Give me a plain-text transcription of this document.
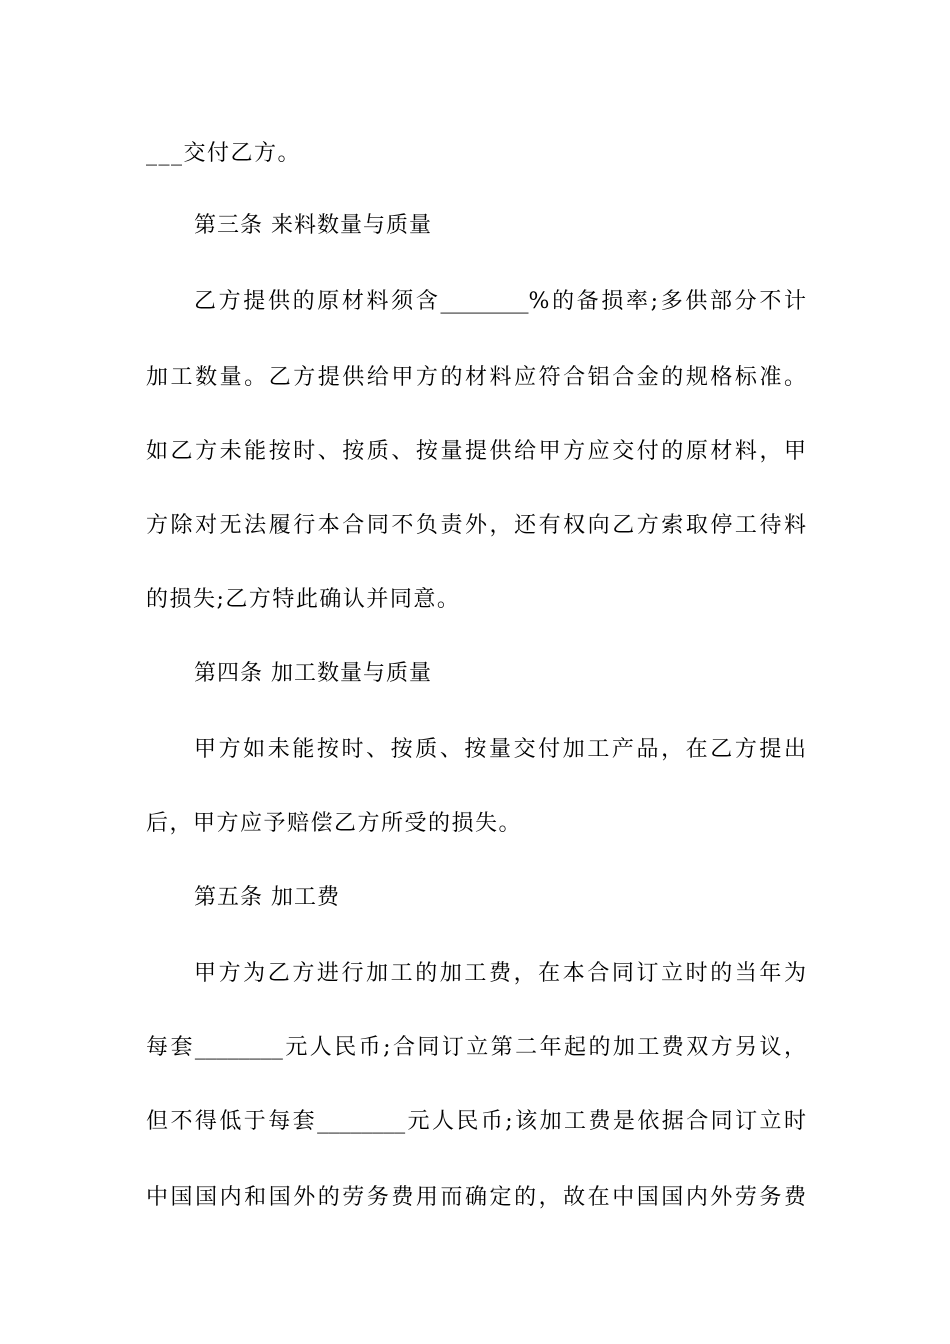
___交付乙方。
第三条 来料数量与质量
乙方提供的原材料须含________%的备损率;多供部分不计
加工数量。乙方提供给甲方的材料应符合铝合金的规格标准。
如乙方未能按时、按质、按量提供给甲方应交付的原材料，甲
方除对无法履行本合同不负责外，还有权向乙方索取停工待料
的损失;乙方特此确认并同意。
第四条 加工数量与质量
甲方如未能按时、按质、按量交付加工产品，在乙方提出
后，甲方应予赔偿乙方所受的损失。
第五条 加工费
甲方为乙方进行加工的加工费，在本合同订立时的当年为
每套________元人民币;合同订立第二年起的加工费双方另议，
但不得低于每套________元人民币;该加工费是依据合同订立时
中国国内和国外的劳务费用而确定的，故在中国国内外劳务费
